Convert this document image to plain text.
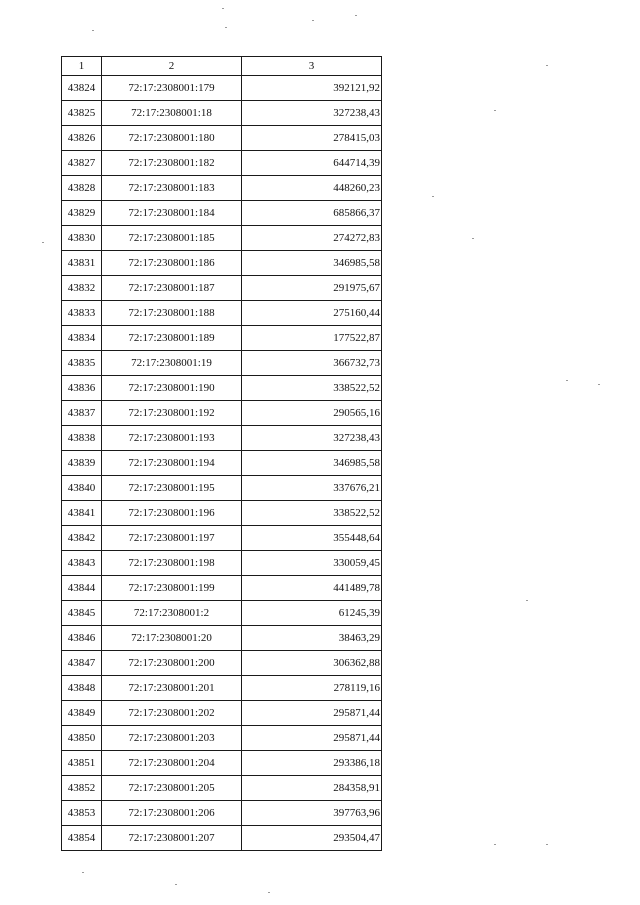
1	2	3
43824	72:17:2308001:179	392121,92
43825	72:17:2308001:18	327238,43
43826	72:17:2308001:180	278415,03
43827	72:17:2308001:182	644714,39
43828	72:17:2308001:183	448260,23
43829	72:17:2308001:184	685866,37
43830	72:17:2308001:185	274272,83
43831	72:17:2308001:186	346985,58
43832	72:17:2308001:187	291975,67
43833	72:17:2308001:188	275160,44
43834	72:17:2308001:189	177522,87
43835	72:17:2308001:19	366732,73
43836	72:17:2308001:190	338522,52
43837	72:17:2308001:192	290565,16
43838	72:17:2308001:193	327238,43
43839	72:17:2308001:194	346985,58
43840	72:17:2308001:195	337676,21
43841	72:17:2308001:196	338522,52
43842	72:17:2308001:197	355448,64
43843	72:17:2308001:198	330059,45
43844	72:17:2308001:199	441489,78
43845	72:17:2308001:2	61245,39
43846	72:17:2308001:20	38463,29
43847	72:17:2308001:200	306362,88
43848	72:17:2308001:201	278119,16
43849	72:17:2308001:202	295871,44
43850	72:17:2308001:203	295871,44
43851	72:17:2308001:204	293386,18
43852	72:17:2308001:205	284358,91
43853	72:17:2308001:206	397763,96
43854	72:17:2308001:207	293504,47
